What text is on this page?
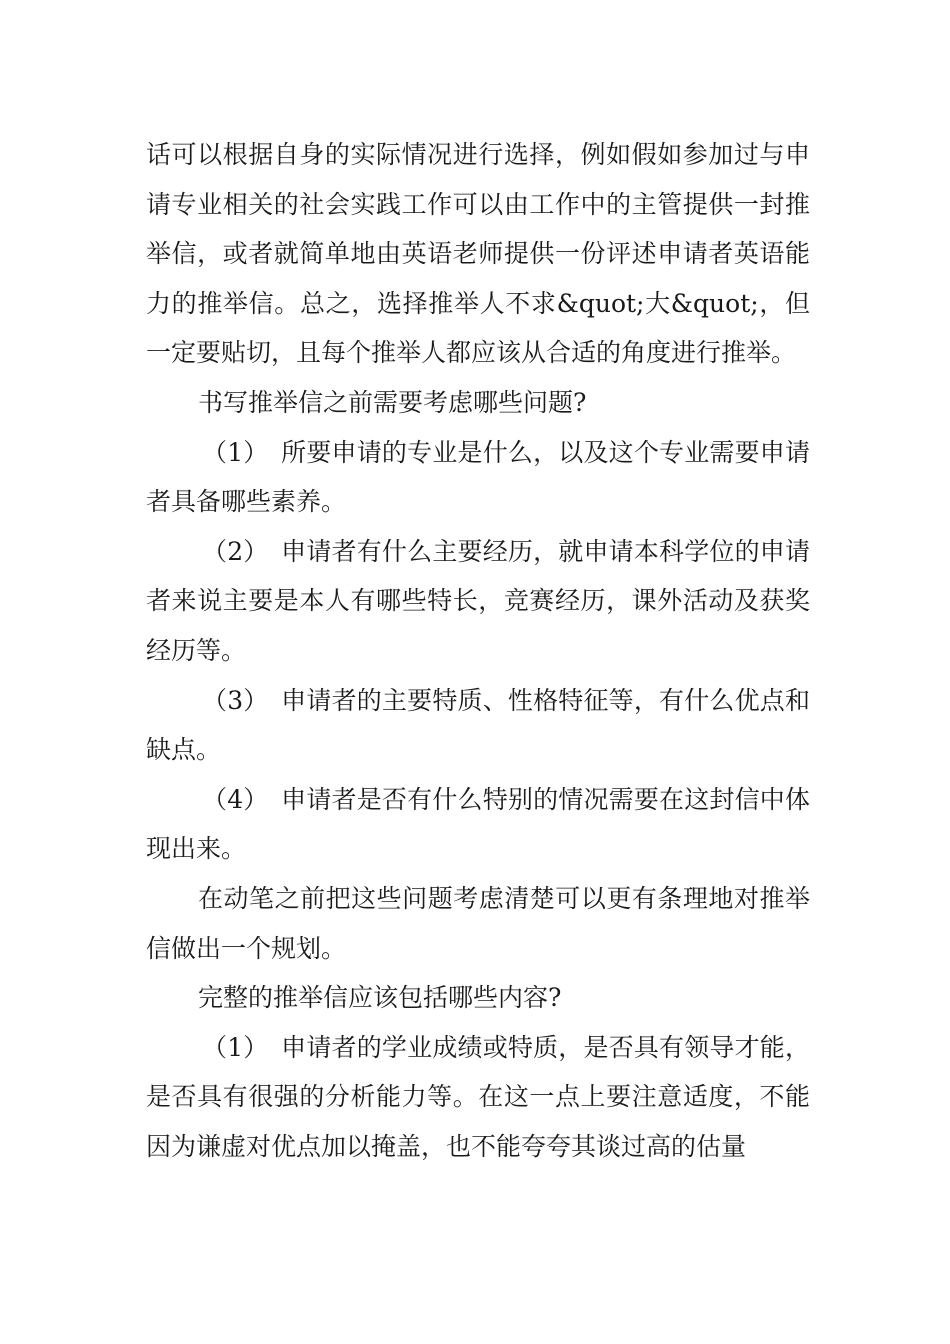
话可以根据自身的实际情况进行选择，例如假如参加过与申请专业相关的社会实践工作可以由工作中的主管提供一封推举信，或者就简单地由英语老师提供一份评述申请者英语能力的推举信。总之，选择推举人不求&quot;大&quot;，但一定要贴切，且每个推举人都应该从合适的角度进行推举。

书写推举信之前需要考虑哪些问题?

（1）　所要申请的专业是什么，以及这个专业需要申请者具备哪些素养。

（2）　申请者有什么主要经历，就申请本科学位的申请者来说主要是本人有哪些特长，竞赛经历，课外活动及获奖经历等。

（3）　申请者的主要特质、性格特征等，有什么优点和缺点。

（4）　申请者是否有什么特别的情况需要在这封信中体现出来。

在动笔之前把这些问题考虑清楚可以更有条理地对推举信做出一个规划。

完整的推举信应该包括哪些内容?

（1）　申请者的学业成绩或特质，是否具有领导才能，是否具有很强的分析能力等。在这一点上要注意适度，不能因为谦虚对优点加以掩盖，也不能夸夸其谈过高的估量
